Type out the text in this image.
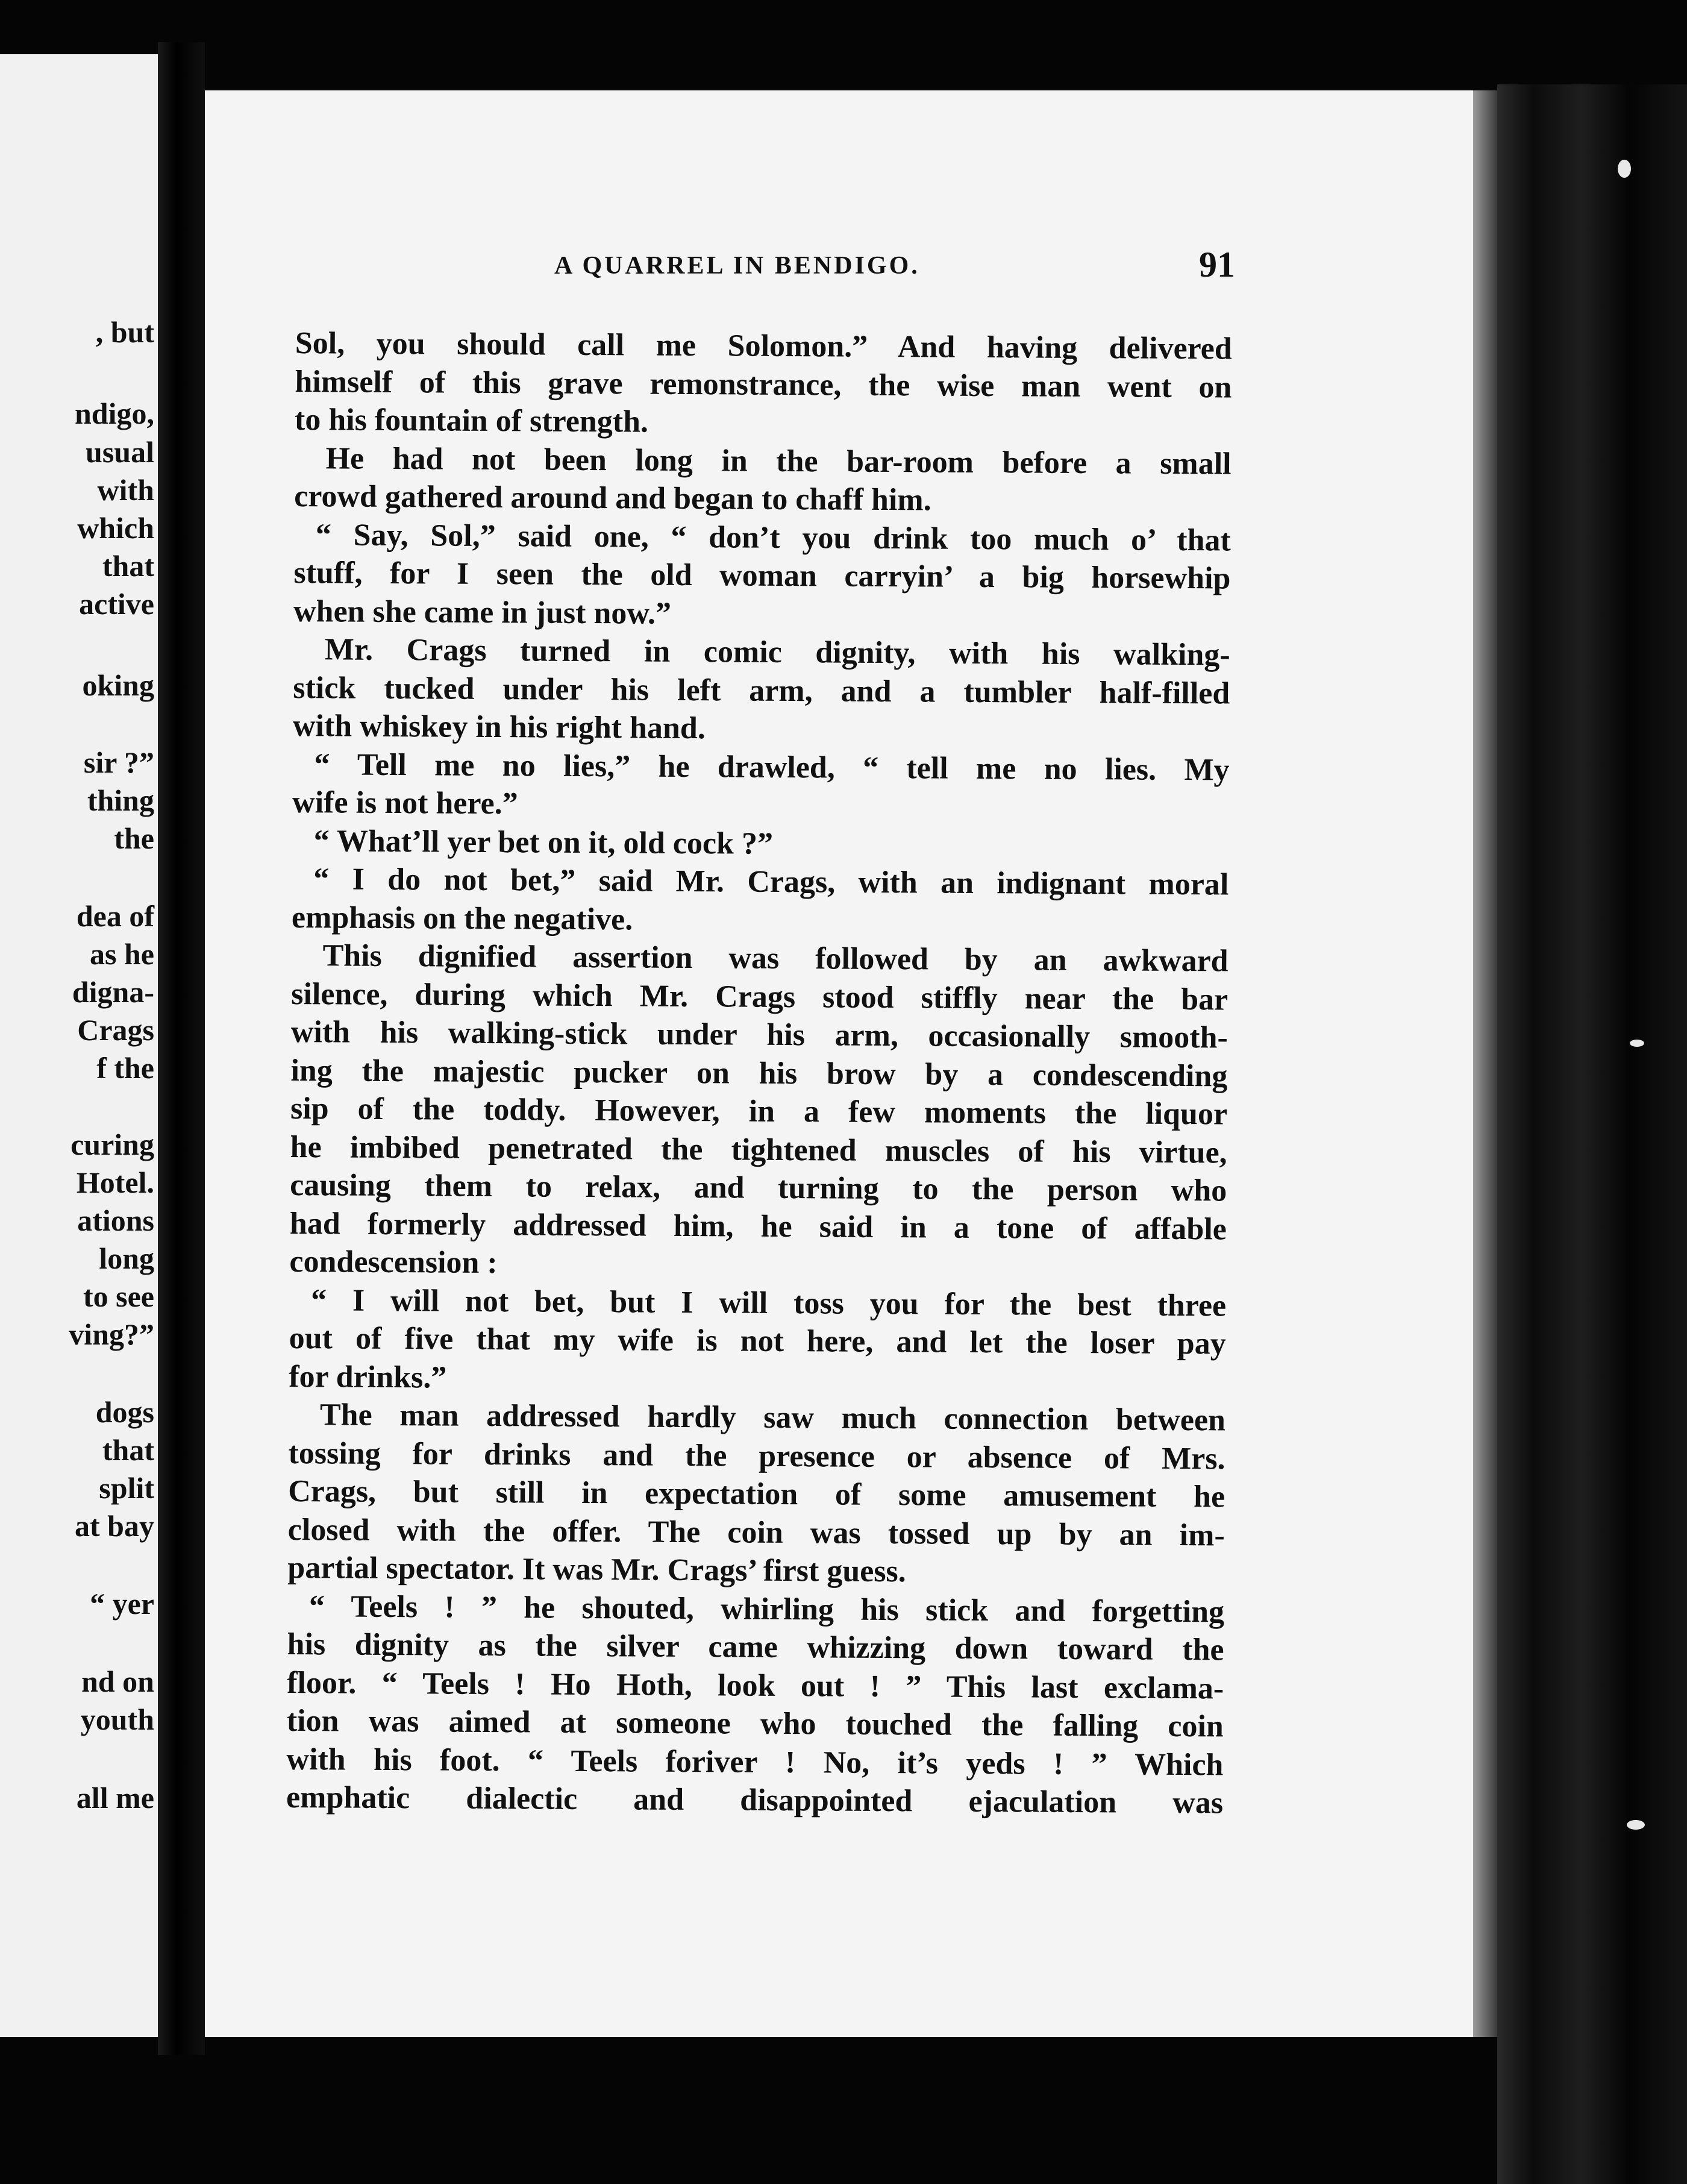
, but

ndigo,

usual

with

which

that

active

oking

sir ?”

thing

the

dea of

as he

digna-

Crags

f the

curing

Hotel.

ations

long

to see

ving?”

dogs

that

split

at bay

“ yer

nd on

youth

all me

A QUARREL IN BENDIGO.	91

Sol, you should call me Solomon.” And having delivered

himself of this grave remonstrance, the wise man went on

to his fountain of strength.

He had not been long in the bar-room before a small

crowd gathered around and began to chaff him.

“ Say, Sol,” said one, “ don’t you drink too much o’ that

stuff, for I seen the old woman carryin’ a big horsewhip

when she came in just now.”

Mr. Crags turned in comic dignity, with his walking-

stick tucked under his left arm, and a tumbler half-filled

with whiskey in his right hand.

“ Tell me no lies,” he drawled, “ tell me no lies. My

wife is not here.”

“ What’ll yer bet on it, old cock ?”

“ I do not bet,” said Mr. Crags, with an indignant moral

emphasis on the negative.

This dignified assertion was followed by an awkward

silence, during which Mr. Crags stood stiffly near the bar

with his walking-stick under his arm, occasionally smooth-

ing the majestic pucker on his brow by a condescending

sip of the toddy. However, in a few moments the liquor

he imbibed penetrated the tightened muscles of his virtue,

causing them to relax, and turning to the person who

had formerly addressed him, he said in a tone of affable

condescension :

“ I will not bet, but I will toss you for the best three

out of five that my wife is not here, and let the loser pay

for drinks.”

The man addressed hardly saw much connection between

tossing for drinks and the presence or absence of Mrs.

Crags, but still in expectation of some amusement he

closed with the offer. The coin was tossed up by an im-

partial spectator. It was Mr. Crags’ first guess.

“ Teels ! ” he shouted, whirling his stick and forgetting

his dignity as the silver came whizzing down toward the

floor. “ Teels ! Ho Hoth, look out ! ” This last exclama-

tion was aimed at someone who touched the falling coin

with his foot. “ Teels foriver ! No, it’s yeds ! ” Which

emphatic dialectic and disappointed ejaculation was
